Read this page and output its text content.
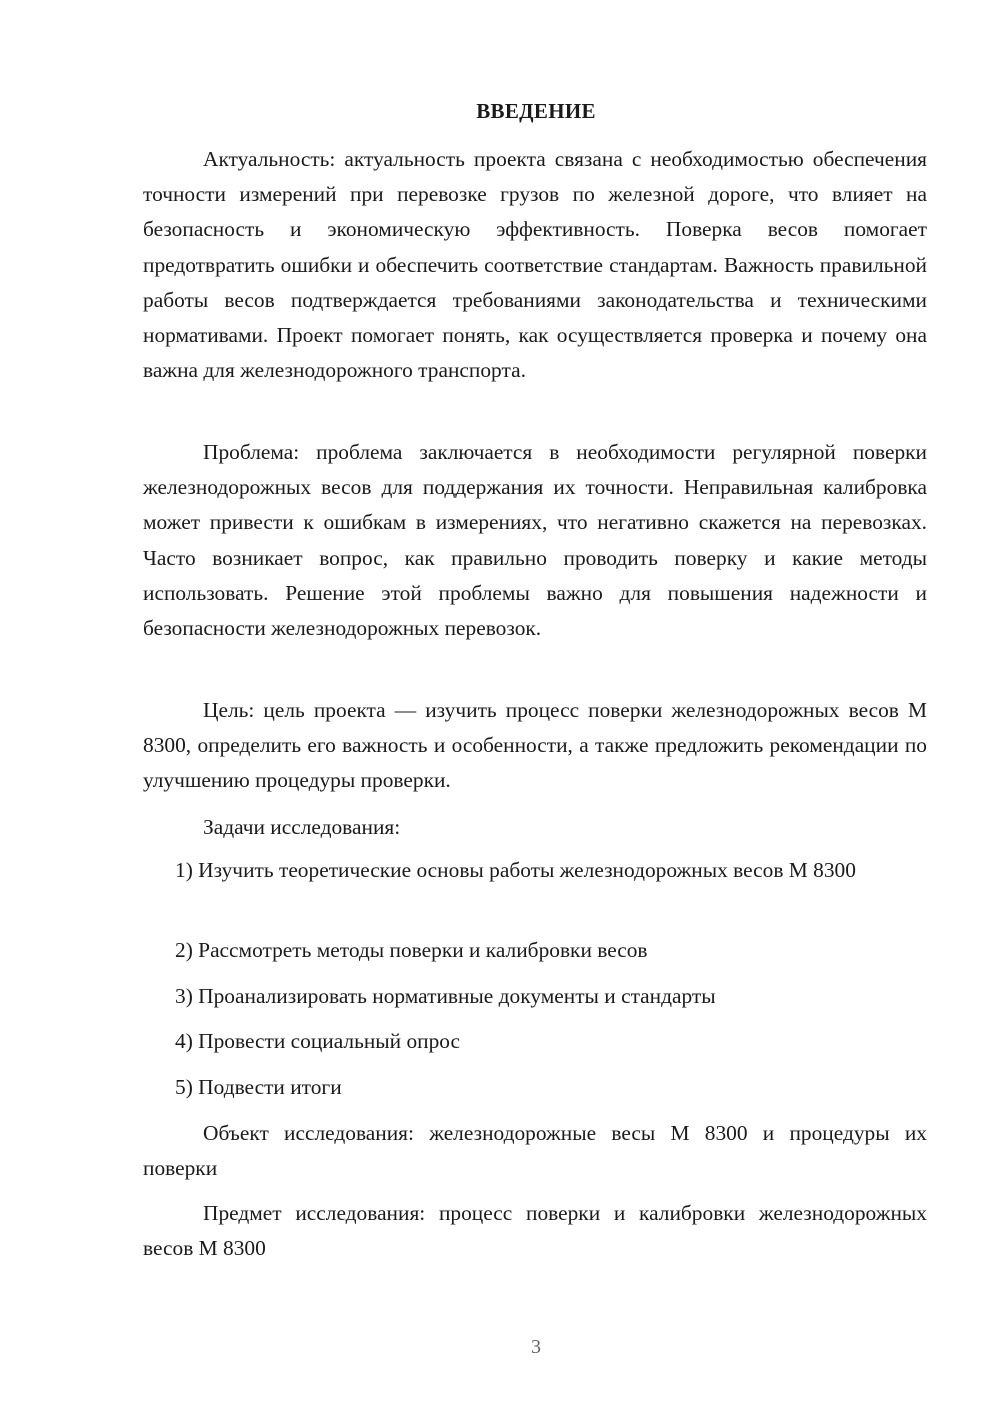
ВВЕДЕНИЕ

Актуальность: актуальность проекта связана с необходимостью обеспечения точности измерений при перевозке грузов по железной дороге, что влияет на безопасность и экономическую эффективность. Поверка весов помогает предотвратить ошибки и обеспечить соответствие стандартам. Важность правильной работы весов подтверждается требованиями законодательства и техническими нормативами. Проект помогает понять, как осуществляется проверка и почему она важна для железнодорожного транспорта.

Проблема: проблема заключается в необходимости регулярной поверки железнодорожных весов для поддержания их точности. Неправильная калибровка может привести к ошибкам в измерениях, что негативно скажется на перевозках. Часто возникает вопрос, как правильно проводить поверку и какие методы использовать. Решение этой проблемы важно для повышения надежности и безопасности железнодорожных перевозок.

Цель: цель проекта — изучить процесс поверки железнодорожных весов М 8300, определить его важность и особенности, а также предложить рекомендации по улучшению процедуры проверки.

Задачи исследования:

1) Изучить теоретические основы работы железнодорожных весов М 8300

2) Рассмотреть методы поверки и калибровки весов

3) Проанализировать нормативные документы и стандарты

4) Провести социальный опрос

5) Подвести итоги

Объект исследования: железнодорожные весы М 8300 и процедуры их поверки

Предмет исследования: процесс поверки и калибровки железнодорожных весов М 8300

3
